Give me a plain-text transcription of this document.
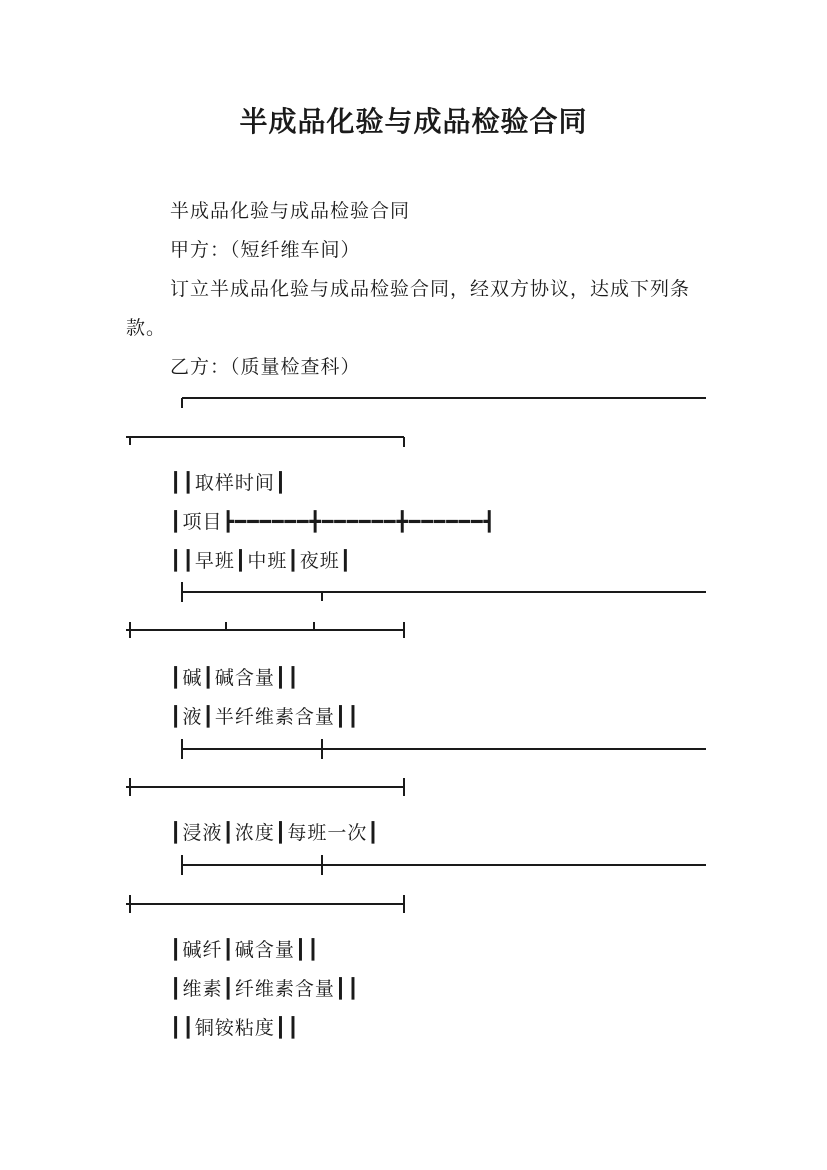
半成品化验与成品检验合同

半成品化验与成品检验合同

甲方：（短纤维车间）

订立半成品化验与成品检验合同，经双方协议，达成下列条款。

乙方：（质量检查科）

┃┃取样时间┃

┃项目┣━━━━━━╋━━━━━━╋━━━━━━┫

┃┃早班┃中班┃夜班┃

┃碱┃碱含量┃┃

┃液┃半纤维素含量┃┃

┃浸液┃浓度┃每班一次┃

┃碱纤┃碱含量┃┃

┃维素┃纤维素含量┃┃

┃┃铜铵粘度┃┃
